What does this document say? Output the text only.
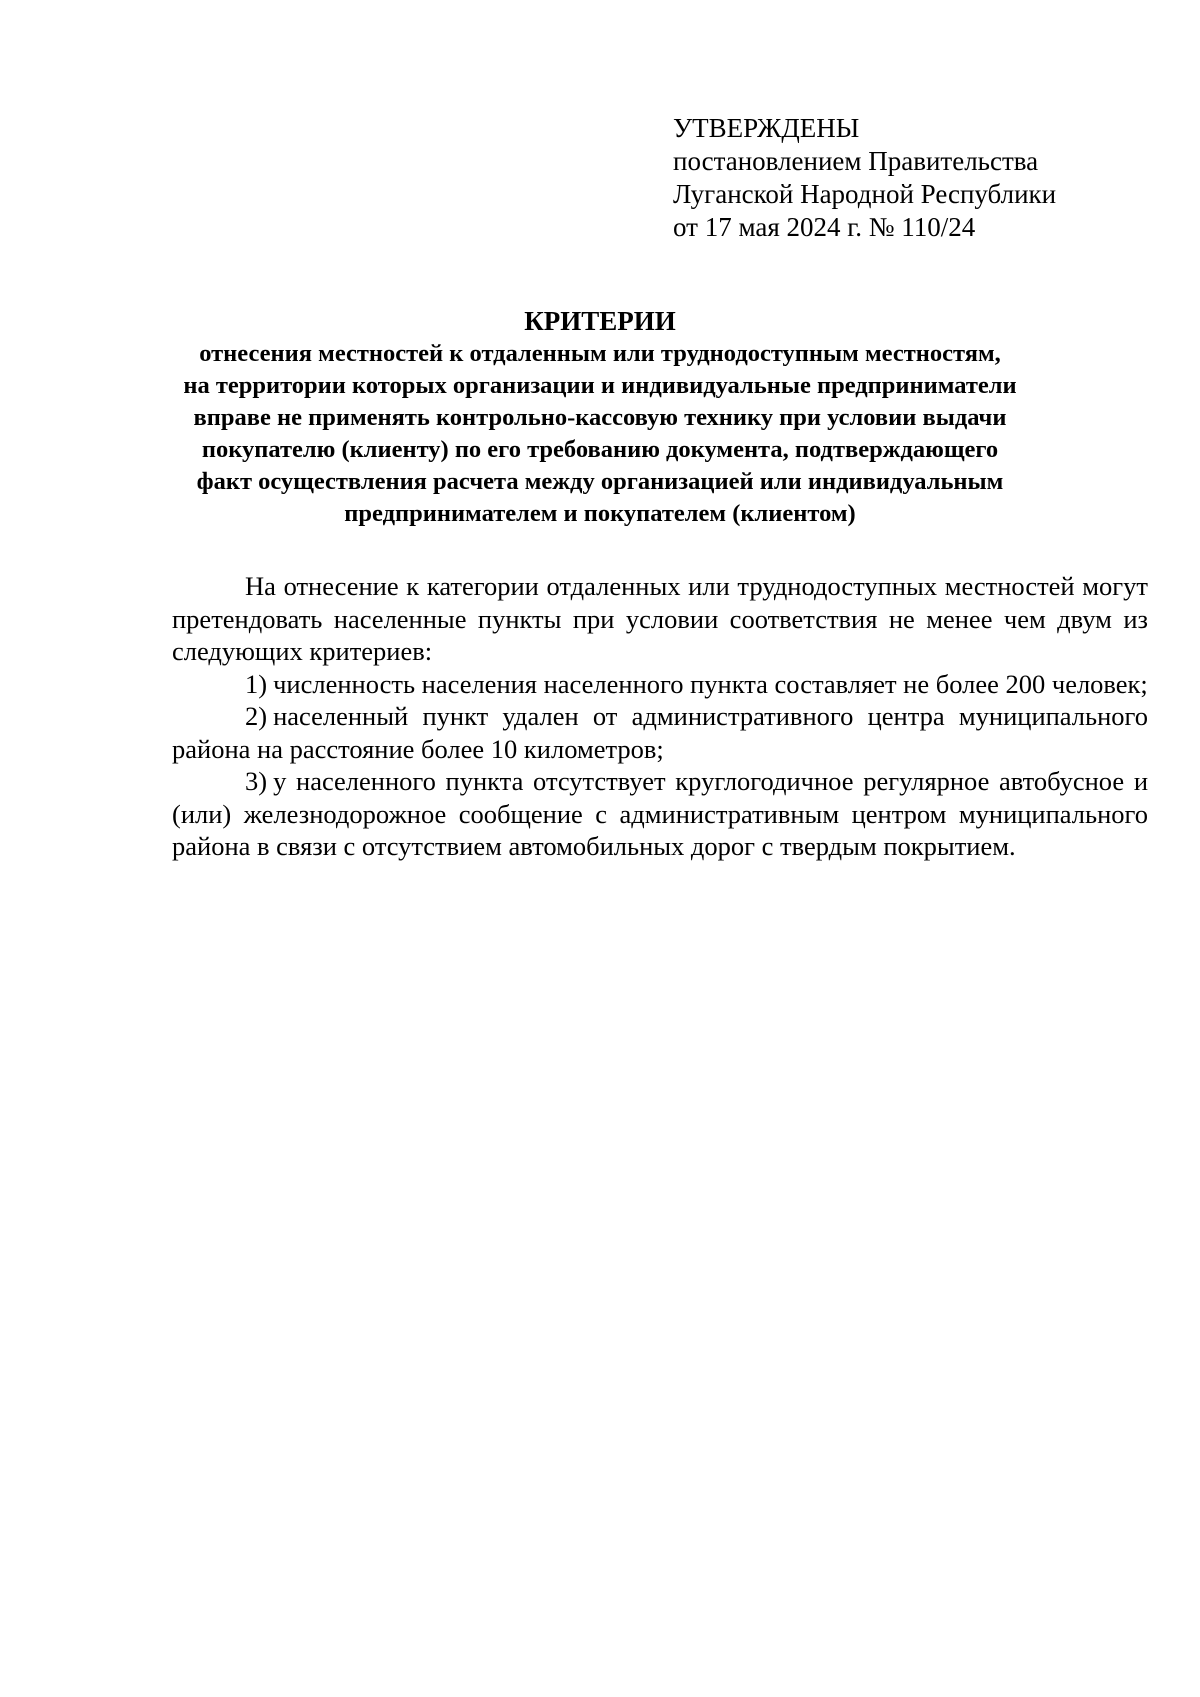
УТВЕРЖДЕНЫ
постановлением Правительства
Луганской Народной Республики
от 17 мая 2024 г. № 110/24
КРИТЕРИИ
отнесения местностей к отдаленным или труднодоступным местностям,
на территории которых организации и индивидуальные предприниматели
вправе не применять контрольно-кассовую технику при условии выдачи
покупателю (клиенту) по его требованию документа, подтверждающего
факт осуществления расчета между организацией или индивидуальным
предпринимателем и покупателем (клиентом)

На отнесение к категории отдаленных или труднодоступных местностей могут претендовать населенные пункты при условии соответствия не менее чем двум из следующих критериев:

1) численность населения населенного пункта составляет не более 200 человек;

2) населенный пункт удален от административного центра муниципального района на расстояние более 10 километров;

3) у населенного пункта отсутствует круглогодичное регулярное автобусное и (или) железнодорожное сообщение с административным центром муниципального района в связи с отсутствием автомобильных дорог с твердым покрытием.
